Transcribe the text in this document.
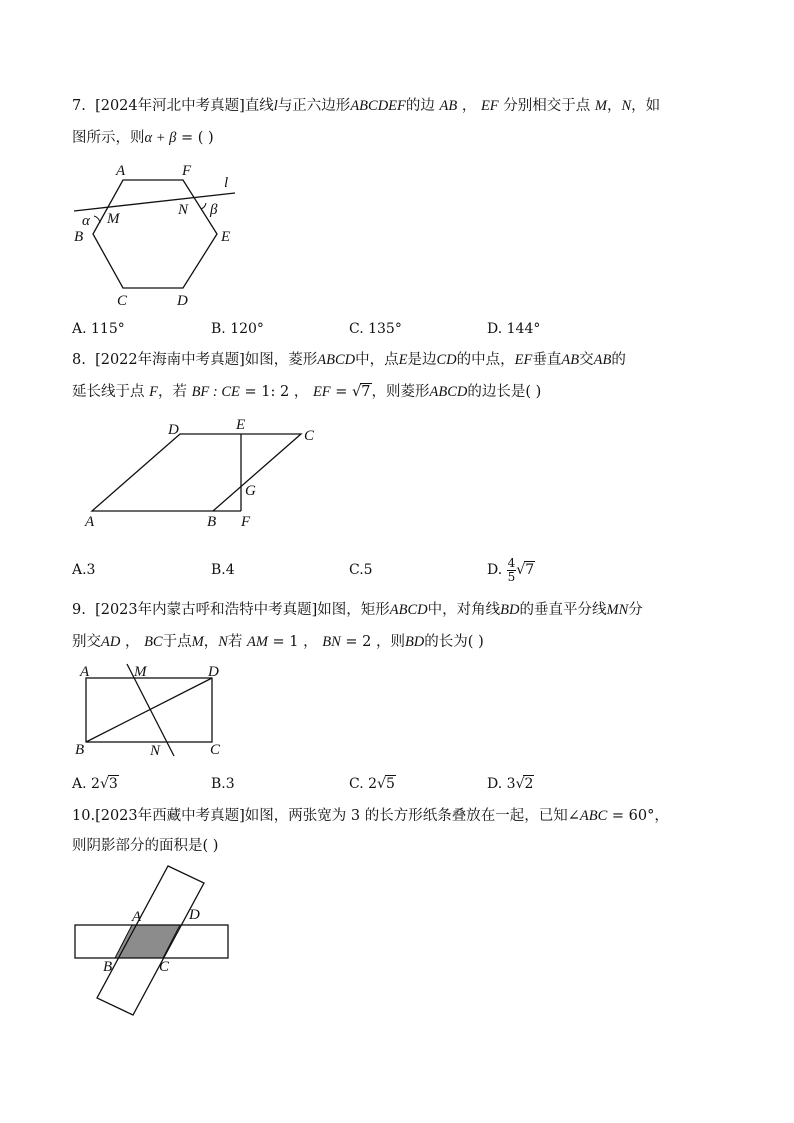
7. [2024年河北中考真题]直线l与正六边形ABCDEF的边 AB ， EF 分别相交于点 M，N，如
图所示，则α + β = ( )
A	F
l
α M
N β
B	E
C	D
A. 115°	B. 120°	C. 135°	D. 144°
8. [2022年海南中考真题]如图，菱形ABCD中，点E是边CD的中点，EF垂直AB交AB的
延长线于点 F，若 BF : CE = 1: 2 ， EF = √7，则菱形ABCD的边长是( )
D	E
C
G
A	B F
A.3	B.4	C.5	D. $\frac{4}{5} √7$
9. [2023年内蒙古呼和浩特中考真题]如图，矩形ABCD中，对角线BD的垂直平分线MN分
别交AD ， BC于点M，N若 AM = 1 ， BN = 2 ，则BD的长为( )
A	M	D
B	N	C
A. 2√3	B.3	C. 2√5	D. 3√2
10.[2023年西藏中考真题]如图，两张宽为 3 的长方形纸条叠放在一起，已知∠ABC = 60°，
则阴影部分的面积是( )
A	D
B	C
